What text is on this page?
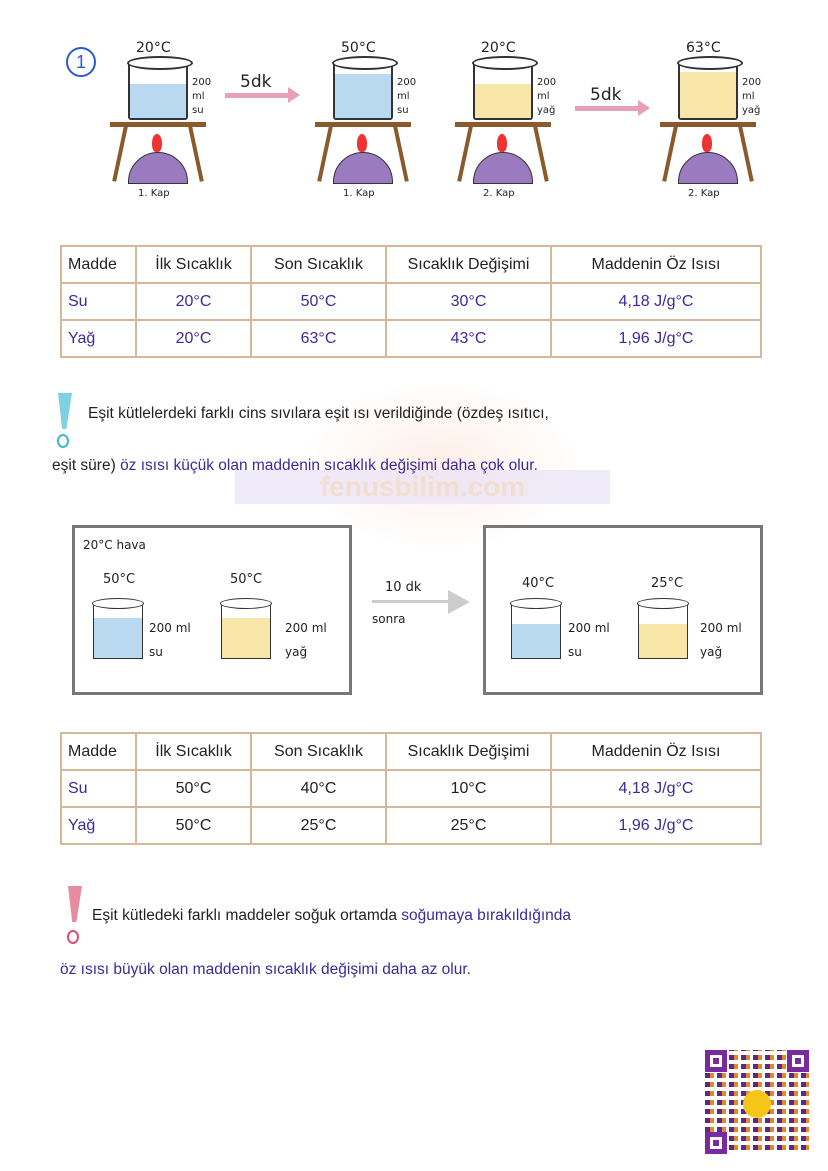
fenusbilim.com
1
20°C
200 ml
su
1. Kap
5dk
50°C
200 ml
su
1. Kap
20°C
200 ml
yağ
2. Kap
5dk
63°C
200 ml
yağ
2. Kap
Madde	İlk Sıcaklık	Son Sıcaklık	Sıcaklık Değişimi	Maddenin Öz Isısı
Su	20°C	50°C	30°C	4,18 J/g°C
Yağ	20°C	63°C	43°C	1,96 J/g°C
Eşit kütlelerdeki farklı cins sıvılara eşit ısı verildiğinde (özdeş ısıtıcı,
eşit süre) öz ısısı küçük olan maddenin sıcaklık değişimi daha çok olur.
20°C hava
50°C
200 ml
su
50°C
200 ml
yağ
10 dk
sonra
40°C
200 ml
su
25°C
200 ml
yağ
Madde	İlk Sıcaklık	Son Sıcaklık	Sıcaklık Değişimi	Maddenin Öz Isısı
Su	50°C	40°C	10°C	4,18 J/g°C
Yağ	50°C	25°C	25°C	1,96 J/g°C
Eşit kütledeki farklı maddeler soğuk ortamda soğumaya bırakıldığında
öz ısısı büyük olan maddenin sıcaklık değişimi daha az olur.
